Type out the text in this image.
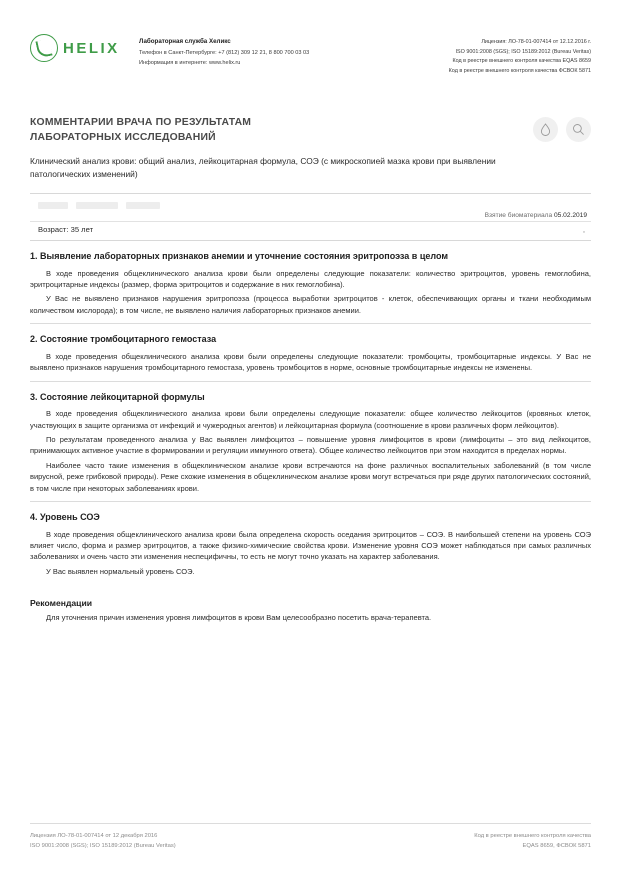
HELIX	Лабораторная служба Хеликс
Телефон в Санкт-Петербурге: +7 (812) 309 12 21, 8 800 700 03 03
Информация в интернете: www.helix.ru
Лицензия: ЛО-78-01-007414 от 12.12.2016 г.
ISO 9001:2008 (SGS); ISO 15189:2012 (Bureau Veritas)
Код в реестре внешнего контроля качества EQAS 8659
Код в реестре внешнего контроля качества ФСВОК 5871
КОММЕНТАРИИ ВРАЧА ПО РЕЗУЛЬТАТАМ
ЛАБОРАТОРНЫХ ИССЛЕДОВАНИЙ
Клинический анализ крови: общий анализ, лейкоцитарная формула, СОЭ (с микроскопией мазка крови при выявлении патологических изменений)
Взятие биоматериала 05.02.2019
Возраст: 35 лет	*
1. Выявление лабораторных признаков анемии и уточнение состояния эритропоэза в целом

В ходе проведения общеклинического анализа крови были определены следующие показатели: количество эритроцитов, уровень гемоглобина, эритроцитарные индексы (размер, форма эритроцитов и содержание в них гемоглобина).

У Вас не выявлено признаков нарушения эритропоэза (процесса выработки эритроцитов - клеток, обеспечивающих органы и ткани необходимым количеством кислорода); в том числе, не выявлено наличия лабораторных признаков анемии.

2. Состояние тромбоцитарного гемостаза

В ходе проведения общеклинического анализа крови были определены следующие показатели: тромбоциты, тромбоцитарные индексы. У Вас не выявлено признаков нарушения тромбоцитарного гемостаза, уровень тромбоцитов в норме, основные тромбоцитарные индексы не изменены.

3. Состояние лейкоцитарной формулы

В ходе проведения общеклинического анализа крови были определены следующие показатели: общее количество лейкоцитов (кровяных клеток, участвующих в защите организма от инфекций и чужеродных агентов) и лейкоцитарная формула (соотношение в крови различных форм лейкоцитов).

По результатам проведенного анализа у Вас выявлен лимфоцитоз – повышение уровня лимфоцитов в крови (лимфоциты – это вид лейкоцитов, принимающих активное участие в формировании и регуляции иммунного ответа). Общее количество лейкоцитов при этом находится в пределах нормы.

Наиболее часто такие изменения в общеклиническом анализе крови встречаются на фоне различных воспалительных заболеваний (в том числе вирусной, реже грибковой природы). Реже схожие изменения в общеклиническом анализе крови могут встречаться при ряде других патологических состояний, в том числе при некоторых заболеваниях крови.

4. Уровень СОЭ

В ходе проведения общеклинического анализа крови была определена скорость оседания эритроцитов – СОЭ. В наибольшей степени на уровень СОЭ влияет число, форма и размер эритроцитов, а также физико-химические свойства крови. Изменение уровня СОЭ может наблюдаться при самых различных заболеваниях и очень часто эти изменения неспецифичны, то есть не могут точно указать на характер заболевания.

У Вас выявлен нормальный уровень СОЭ.

Рекомендации

Для уточнения причин изменения уровня лимфоцитов в крови Вам целесообразно посетить врача-терапевта.

Лицензия ЛО-78-01-007414 от 12 декабря 2016
ISO 9001:2008 (SGS); ISO 15189:2012 (Bureau Veritas)
Код в реестре внешнего контроля качества
EQAS 8659, ФСВОК 5871
